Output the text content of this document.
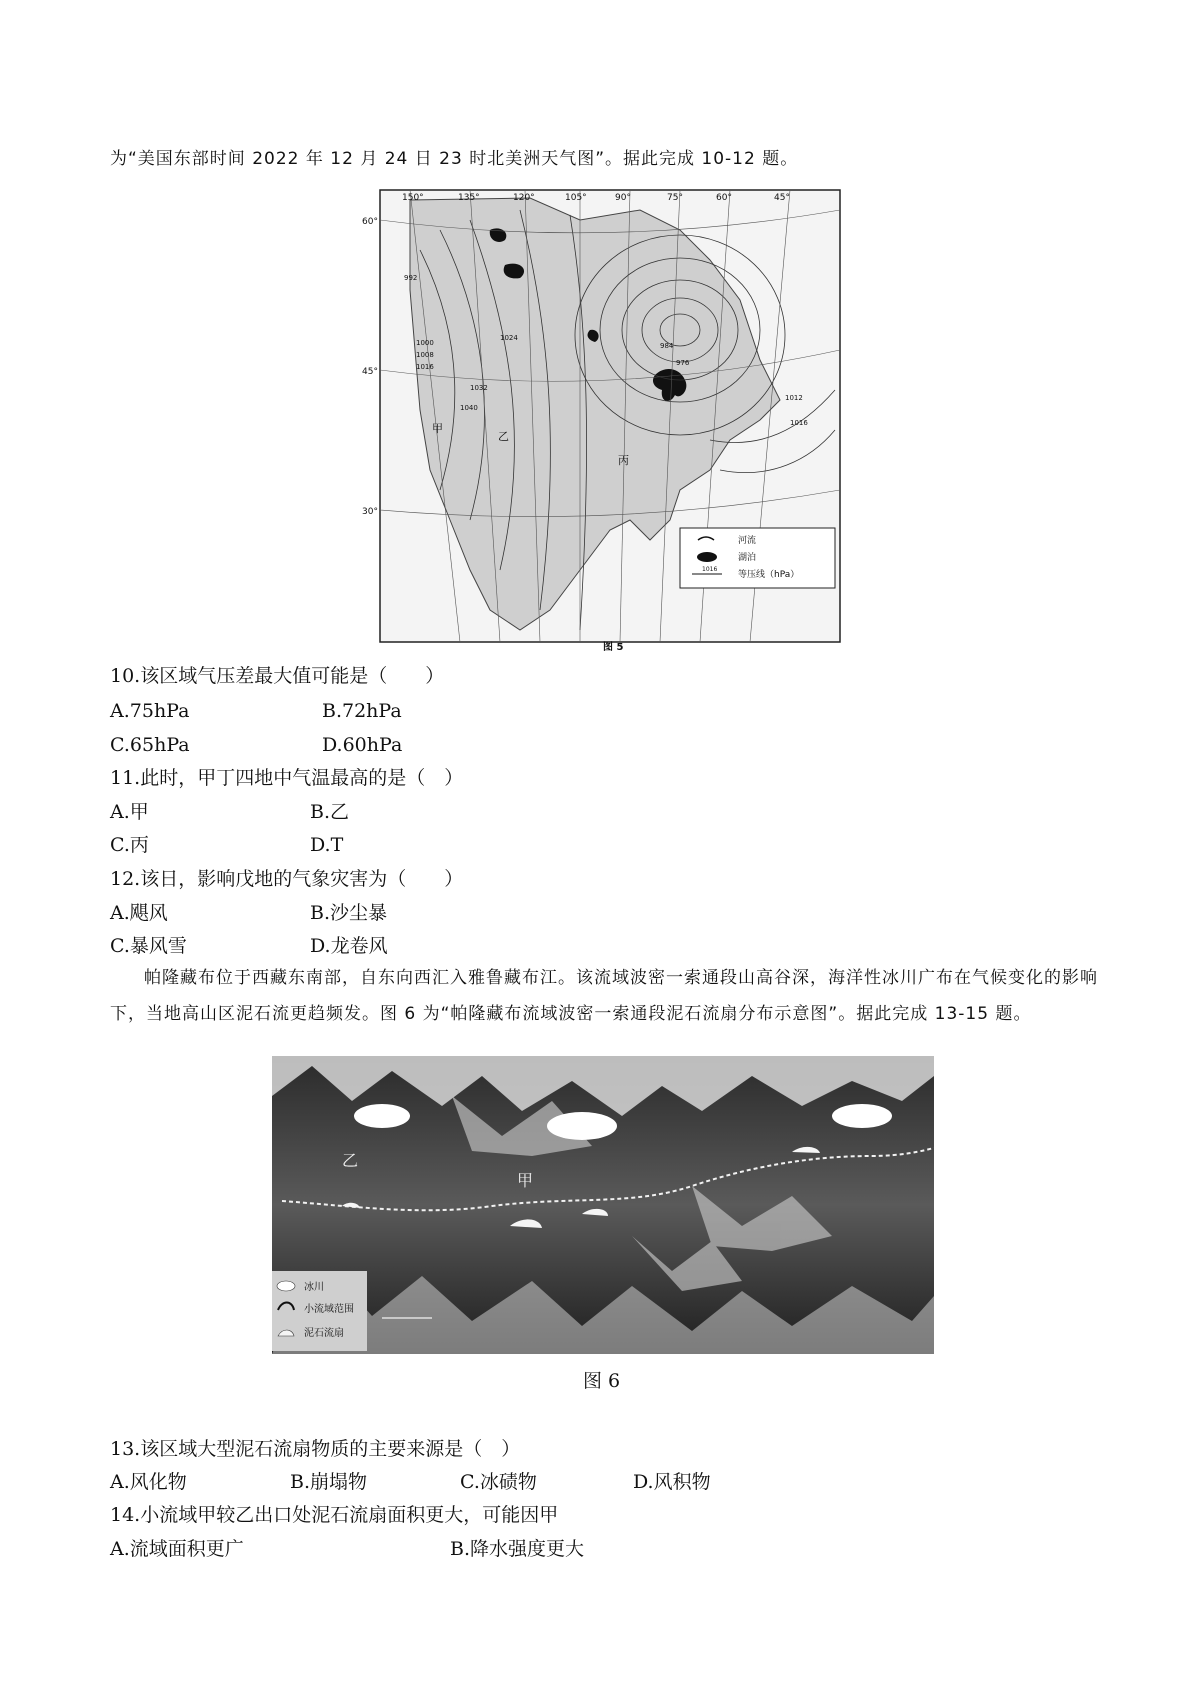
为“美国东部时间 2022 年 12 月 24 日 23 时北美洲天气图”。据此完成 10-12 题。
150°	135°	120°	105°	90°	75°	60°	45°
60°
45°
30°
992
1000
1008
1016
1032
1024
1040
976
984
1012
1016
甲
乙
丙
河流
湖泊
1016
等压线（hPa）
图 5
10.该区域气压差最大值可能是（　　）
A.75hPa	B.72hPa
C.65hPa	D.60hPa
11.此时，甲丁四地中气温最高的是（　）
A.甲	B.乙
C.丙	D.T
12.该日，影响戊地的气象灾害为（　　）
A.飓风	B.沙尘暴
C.暴风雪	D.龙卷风
帕隆藏布位于西藏东南部，自东向西汇入雅鲁藏布江。该流域波密一索通段山高谷深，海洋性冰川广布在气候变化的影响下，当地高山区泥石流更趋频发。图 6 为“帕隆藏布流域波密一索通段泥石流扇分布示意图”。据此完成 13-15 题。
乙
甲
冰川
小流域范围
泥石流扇
图 6
13.该区域大型泥石流扇物质的主要来源是（　）
A.风化物	B.崩塌物	C.冰碛物	D.风积物
14.小流域甲较乙出口处泥石流扇面积更大，可能因甲
A.流域面积更广	B.降水强度更大
